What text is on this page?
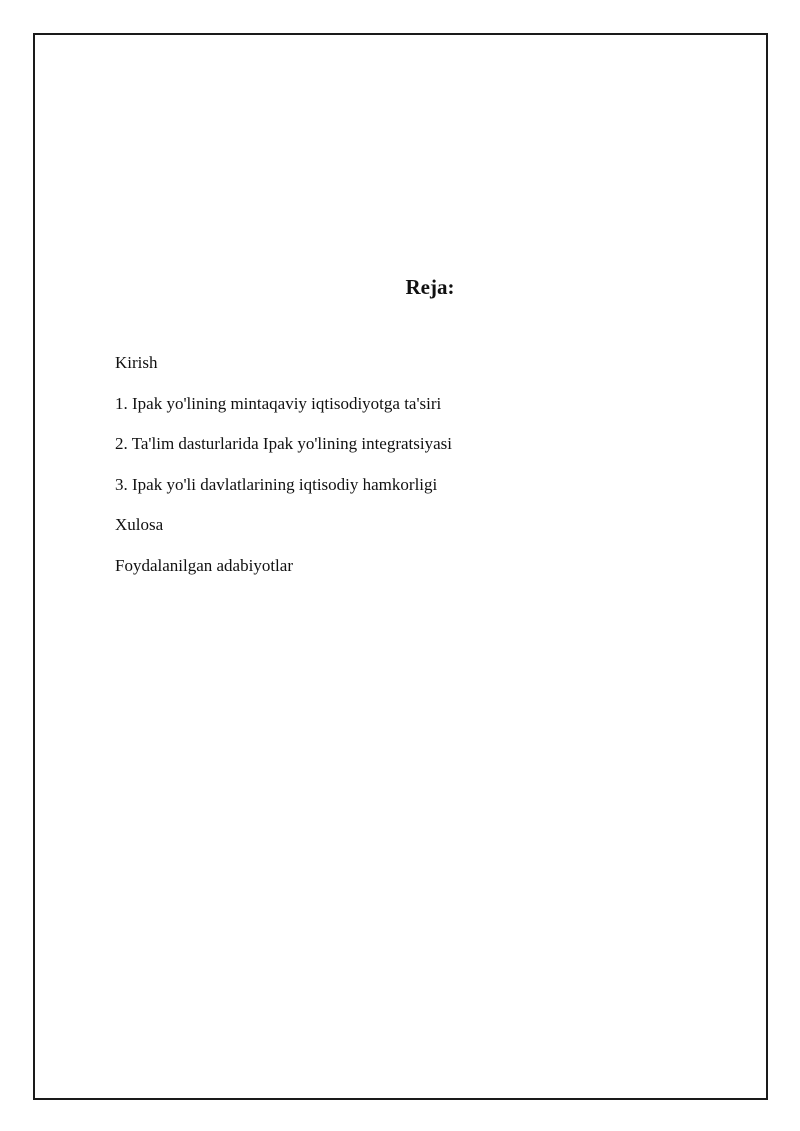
Reja:
Kirish
1. Ipak yo'lining mintaqaviy iqtisodiyotga ta'siri
2. Ta'lim dasturlarida Ipak yo'lining integratsiyasi
3. Ipak yo'li davlatlarining iqtisodiy hamkorligi
Xulosa
Foydalanilgan adabiyotlar
